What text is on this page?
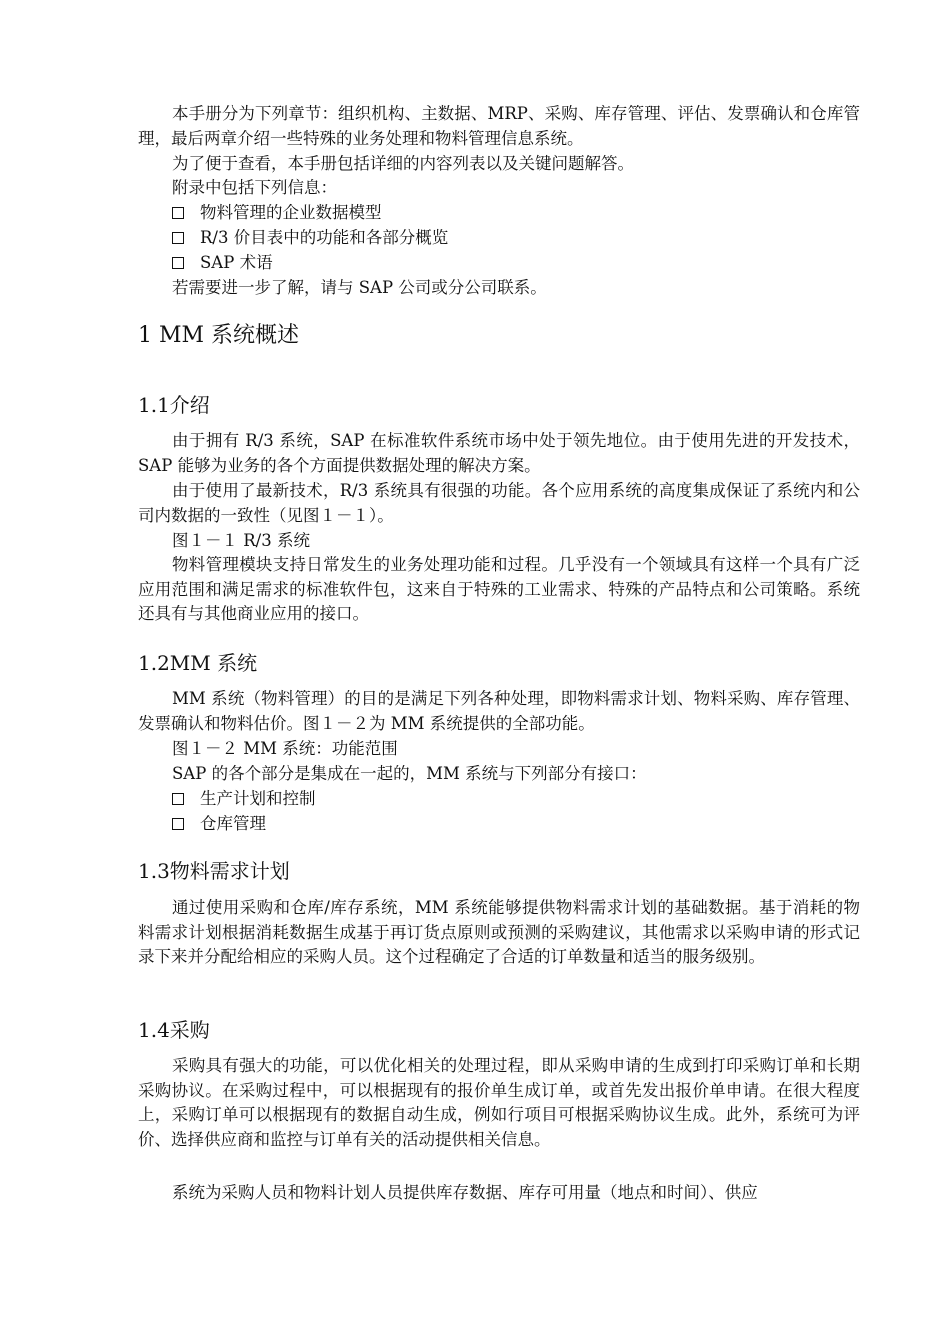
本手册分为下列章节：组织机构、主数据、MRP、采购、库存管理、评估、发票确认和仓库管理，最后两章介绍一些特殊的业务处理和物料管理信息系统。
为了便于查看，本手册包括详细的内容列表以及关键问题解答。
附录中包括下列信息：
物料管理的企业数据模型
R/3 价目表中的功能和各部分概览
SAP 术语
若需要进一步了解，请与 SAP 公司或分公司联系。
1 MM 系统概述
1.1介绍
由于拥有 R/3 系统，SAP 在标准软件系统市场中处于领先地位。由于使用先进的开发技术，SAP 能够为业务的各个方面提供数据处理的解决方案。
由于使用了最新技术，R/3 系统具有很强的功能。各个应用系统的高度集成保证了系统内和公司内数据的一致性（见图１－１）。
图１－１ R/3 系统
物料管理模块支持日常发生的业务处理功能和过程。几乎没有一个领域具有这样一个具有广泛应用范围和满足需求的标准软件包，这来自于特殊的工业需求、特殊的产品特点和公司策略。系统还具有与其他商业应用的接口。
1.2MM 系统
MM 系统（物料管理）的目的是满足下列各种处理，即物料需求计划、物料采购、库存管理、发票确认和物料估价。图１－２为 MM 系统提供的全部功能。
图１－２ MM 系统：功能范围
SAP 的各个部分是集成在一起的，MM 系统与下列部分有接口：
生产计划和控制
仓库管理
1.3物料需求计划
通过使用采购和仓库/库存系统，MM 系统能够提供物料需求计划的基础数据。基于消耗的物料需求计划根据消耗数据生成基于再订货点原则或预测的采购建议，其他需求以采购申请的形式记录下来并分配给相应的采购人员。这个过程确定了合适的订单数量和适当的服务级别。
1.4采购
采购具有强大的功能，可以优化相关的处理过程，即从采购申请的生成到打印采购订单和长期采购协议。在采购过程中，可以根据现有的报价单生成订单，或首先发出报价单申请。在很大程度上，采购订单可以根据现有的数据自动生成，例如行项目可根据采购协议生成。此外，系统可为评价、选择供应商和监控与订单有关的活动提供相关信息。
系统为采购人员和物料计划人员提供库存数据、库存可用量（地点和时间）、供应
